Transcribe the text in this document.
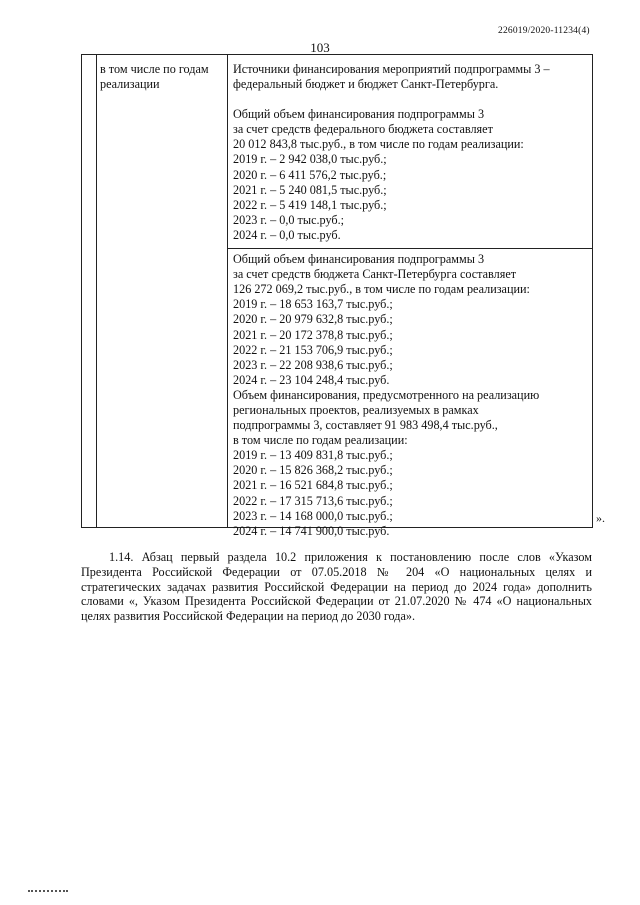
226019/2020-11234(4)
103
в том числе по годам
реализации
Источники финансирования мероприятий подпрограммы 3 –
федеральный бюджет и бюджет Санкт-Петербурга.
Общий объем финансирования подпрограммы 3
за счет средств федерального бюджета составляет
20 012 843,8 тыс.руб., в том числе по годам реализации:
2019 г. – 2 942 038,0 тыс.руб.;
2020 г. – 6 411 576,2 тыс.руб.;
2021 г. – 5 240 081,5 тыс.руб.;
2022 г. – 5 419 148,1 тыс.руб.;
2023 г. – 0,0 тыс.руб.;
2024 г. – 0,0 тыс.руб.
Общий объем финансирования подпрограммы 3
за счет средств бюджета Санкт-Петербурга составляет
126 272 069,2 тыс.руб., в том числе по годам реализации:
2019 г. – 18 653 163,7 тыс.руб.;
2020 г. – 20 979 632,8 тыс.руб.;
2021 г. – 20 172 378,8 тыс.руб.;
2022 г. – 21 153 706,9 тыс.руб.;
2023 г. – 22 208 938,6 тыс.руб.;
2024 г. – 23 104 248,4 тыс.руб.
Объем финансирования, предусмотренного на реализацию
региональных проектов, реализуемых в рамках
подпрограммы 3, составляет 91 983 498,4 тыс.руб.,
в том числе по годам реализации:
2019 г. – 13 409 831,8 тыс.руб.;
2020 г. – 15 826 368,2 тыс.руб.;
2021 г. – 16 521 684,8 тыс.руб.;
2022 г. – 17 315 713,6 тыс.руб.;
2023 г. – 14 168 000,0 тыс.руб.;
2024 г. – 14 741 900,0 тыс.руб.
».
1.14. Абзац первый раздела 10.2 приложения к постановлению после слов «Указом Президента Российской Федерации от 07.05.2018 № 204 «О национальных целях и стратегических задачах развития Российской Федерации на период до 2024 года» дополнить словами «, Указом Президента Российской Федерации от 21.07.2020 № 474 «О национальных целях развития Российской Федерации на период до 2030 года».
